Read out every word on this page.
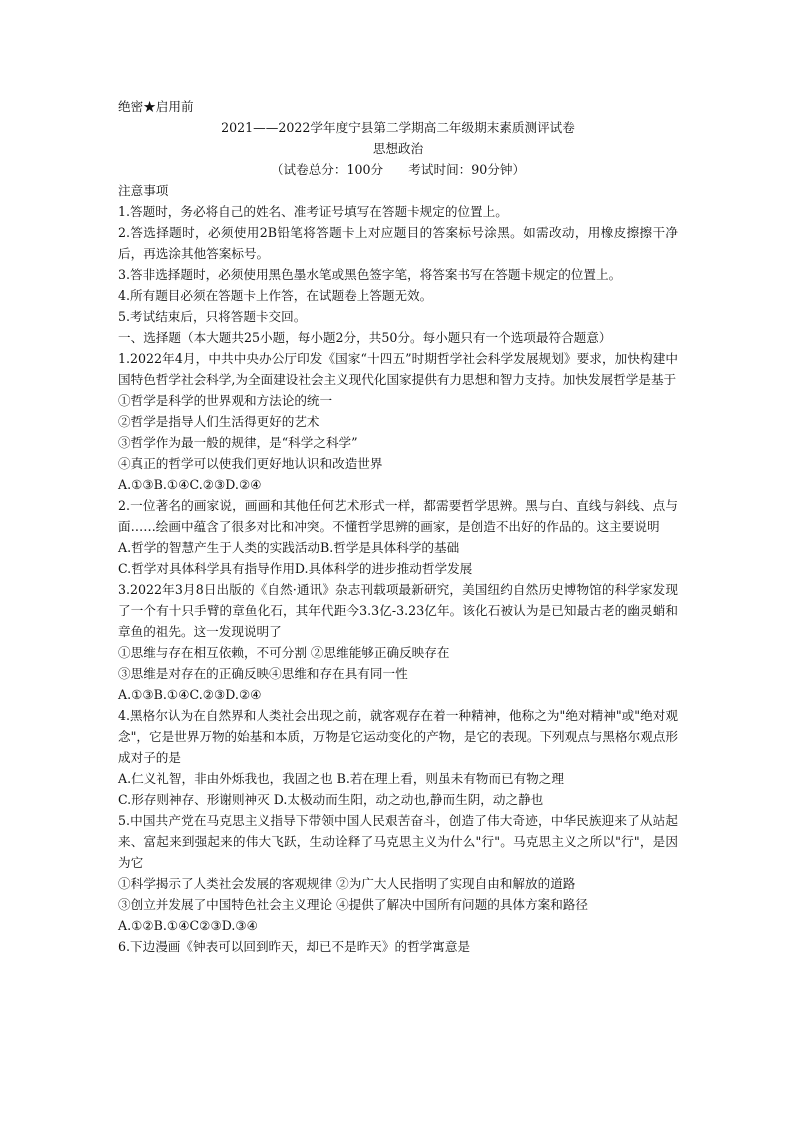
绝密★启用前
2021——2022学年度宁县第二学期高二年级期末素质测评试卷
思想政治
（试卷总分：100分　　考试时间：90分钟）
注意事项
1.答题时，务必将自己的姓名、准考证号填写在答题卡规定的位置上。
2.答选择题时，必须使用2B铅笔将答题卡上对应题目的答案标号涂黑。如需改动，用橡皮擦擦干净后，再选涂其他答案标号。
3.答非选择题时，必须使用黑色墨水笔或黑色签字笔，将答案书写在答题卡规定的位置上。
4.所有题目必须在答题卡上作答，在试题卷上答题无效。
5.考试结束后，只将答题卡交回。
一、选择题（本大题共25小题，每小题2分，共50分。每小题只有一个选项最符合题意）
1.2022年4月，中共中央办公厅印发《国家“十四五”时期哲学社会科学发展规划》要求，加快构建中国特色哲学社会科学,为全面建设社会主义现代化国家提供有力思想和智力支持。加快发展哲学是基于
①哲学是科学的世界观和方法论的统一
②哲学是指导人们生活得更好的艺术
③哲学作为最一般的规律，是“科学之科学”
④真正的哲学可以使我们更好地认识和改造世界
A.①③B.①④C.②③D.②④
2.一位著名的画家说，画画和其他任何艺术形式一样，都需要哲学思辨。黑与白、直线与斜线、点与面……绘画中蕴含了很多对比和冲突。不懂哲学思辨的画家，是创造不出好的作品的。这主要说明
A.哲学的智慧产生于人类的实践活动B.哲学是具体科学的基础
C.哲学对具体科学具有指导作用D.具体科学的进步推动哲学发展
3.2022年3月8日出版的《自然·通讯》杂志刊载项最新研究，美国纽约自然历史博物馆的科学家发现了一个有十只手臂的章鱼化石，其年代距今3.3亿-3.23亿年。该化石被认为是已知最古老的幽灵蛸和章鱼的祖先。这一发现说明了
①思维与存在相互依赖，不可分割 ②思维能够正确反映存在
③思维是对存在的正确反映④思维和存在具有同一性
A.①③B.①④C.②③D.②④
4.黑格尔认为在自然界和人类社会出现之前，就客观存在着一种精神，他称之为"绝对精神"或"绝对观念"，它是世界万物的始基和本质，万物是它运动变化的产物，是它的表现。下列观点与黑格尔观点形成对子的是
A.仁义礼智，非由外烁我也，我固之也 B.若在理上看，则虽未有物而已有物之理
C.形存则神存、形谢则神灭 D.太极动而生阳，动之动也,静而生阴，动之静也
5.中国共产党在马克思主义指导下带领中国人民艰苦奋斗，创造了伟大奇迹，中华民族迎来了从站起来、富起来到强起来的伟大飞跃，生动诠释了马克思主义为什么"行"。马克思主义之所以"行"，是因为它
①科学揭示了人类社会发展的客观规律 ②为广大人民指明了实现自由和解放的道路
③创立并发展了中国特色社会主义理论 ④提供了解决中国所有问题的具体方案和路径
A.①②B.①④C②③D.③④
6.下边漫画《钟表可以回到昨天，却已不是昨天》的哲学寓意是
